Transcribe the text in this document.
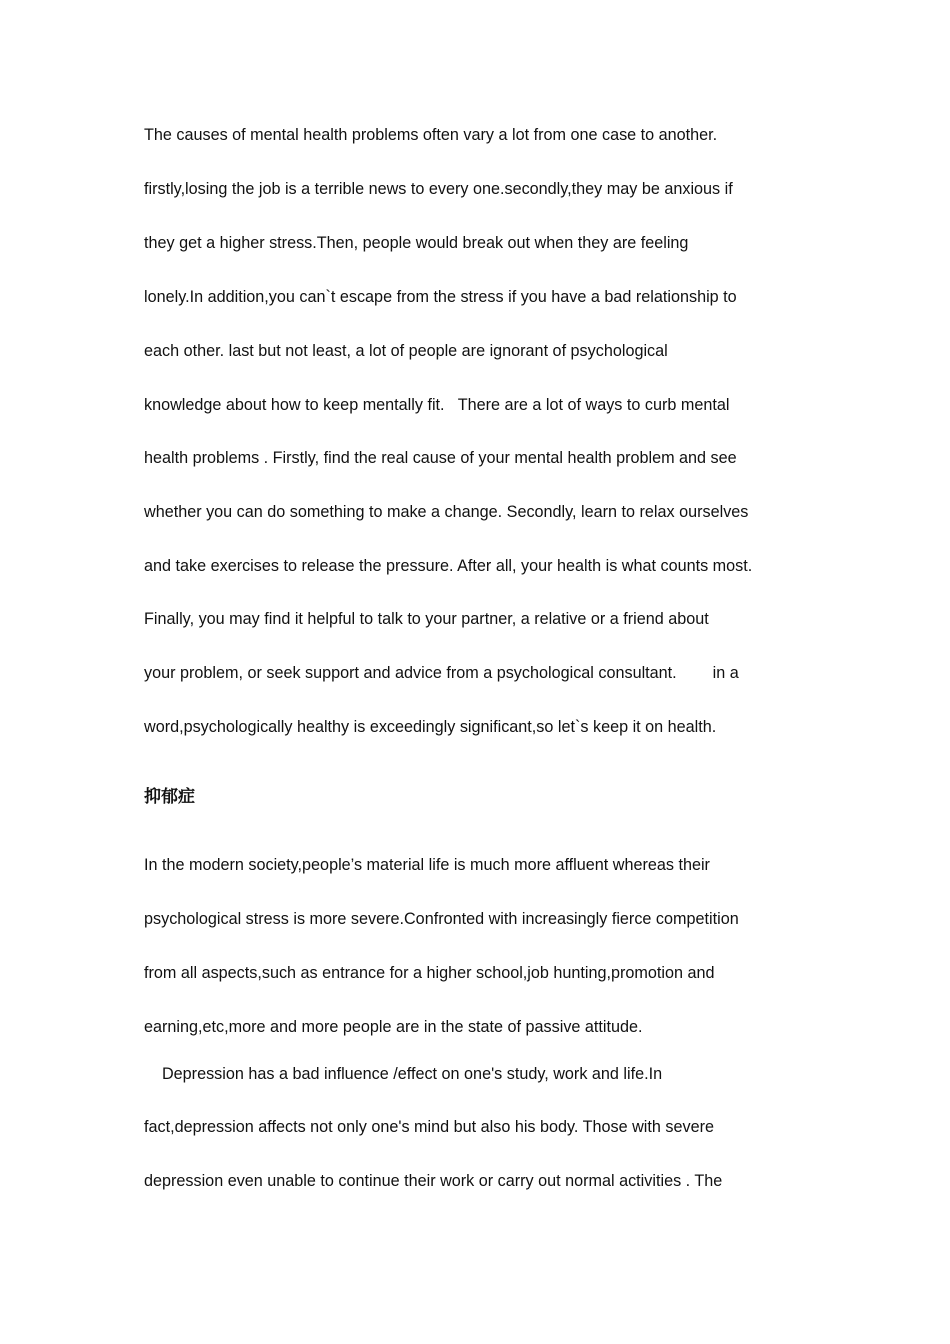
The causes of mental health problems often vary a lot from one case to another.
firstly,losing the job is a terrible news to every one.secondly,they may be anxious if
they get a higher stress.Then, people would break out when they are feeling
lonely.In addition,you can`t escape from the stress if you have a bad relationship to
each other. last but not least, a lot of people are ignorant of psychological
knowledge about how to keep mentally fit.   There are a lot of ways to curb mental
health problems . Firstly, find the real cause of your mental health problem and see
whether you can do something to make a change. Secondly, learn to relax ourselves
and take exercises to release the pressure. After all, your health is what counts most.
Finally, you may find it helpful to talk to your partner, a relative or a friend about
your problem, or seek support and advice from a psychological consultant.        in a
word,psychologically healthy is exceedingly significant,so let`s keep it on health.
抑郁症
In the modern society,people’s material life is much more affluent whereas their
psychological stress is more severe.Confronted with increasingly fierce competition
from all aspects,such as entrance for a higher school,job hunting,promotion and
earning,etc,more and more people are in the state of passive attitude.
Depression has a bad influence /effect on one's study, work and life.In
fact,depression affects not only one's mind but also his body. Those with severe
depression even unable to continue their work or carry out normal activities . The
